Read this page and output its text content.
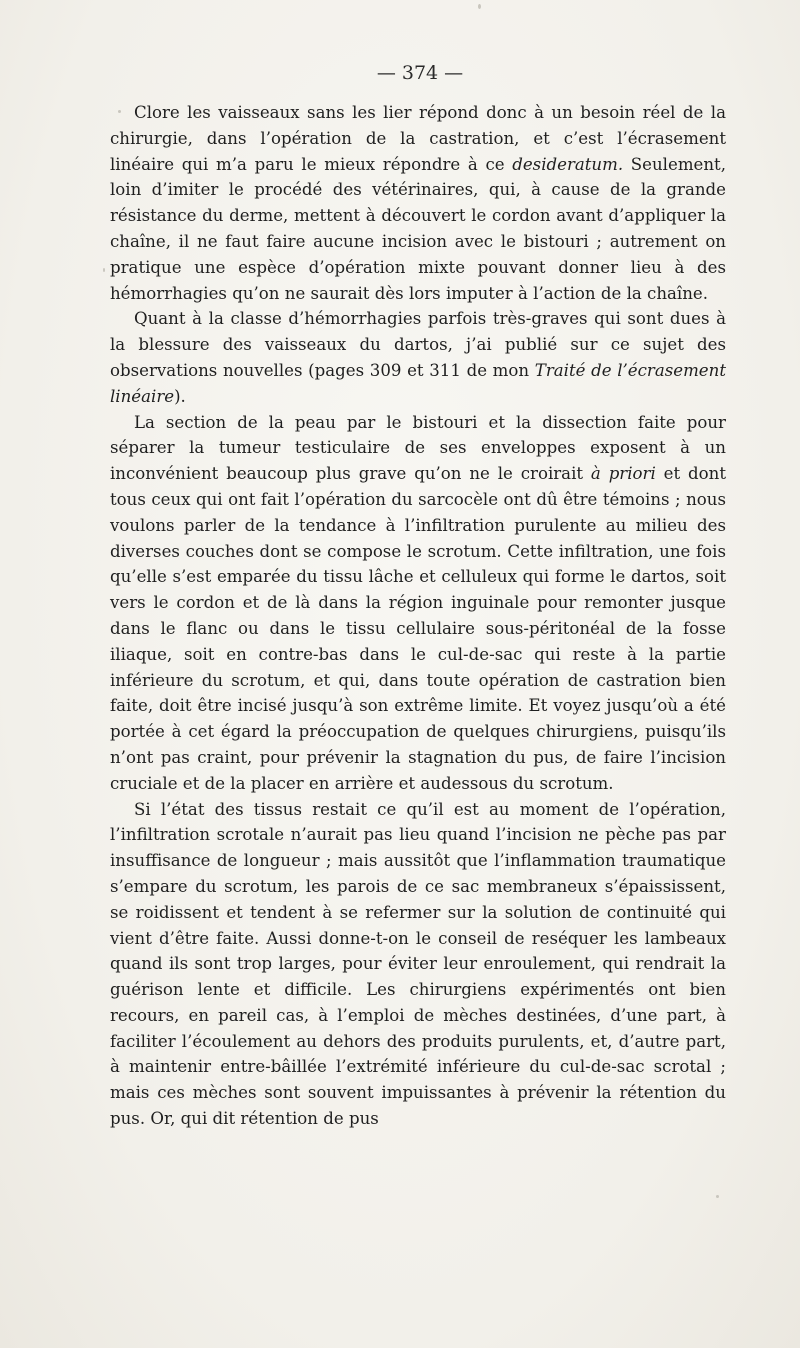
— 374 —

Clore les vaisseaux sans les lier répond donc à un besoin réel de la chirurgie, dans l’opération de la castration, et c’est l’écrasement linéaire qui m’a paru le mieux répondre à ce desideratum. Seulement, loin d’imiter le procédé des vétérinaires, qui, à cause de la grande résistance du derme, mettent à découvert le cordon avant d’appliquer la chaîne, il ne faut faire aucune incision avec le bistouri ; autrement on pratique une espèce d’opération mixte pouvant donner lieu à des hémorrhagies qu’on ne saurait dès lors imputer à l’action de la chaîne.

Quant à la classe d’hémorrhagies parfois très-graves qui sont dues à la blessure des vaisseaux du dartos, j’ai publié sur ce sujet des observations nouvelles (pages 309 et 311 de mon Traité de l’écrasement linéaire).

La section de la peau par le bistouri et la dissection faite pour séparer la tumeur testiculaire de ses enveloppes exposent à un inconvénient beaucoup plus grave qu’on ne le croirait à priori et dont tous ceux qui ont fait l’opération du sarcocèle ont dû être témoins ; nous voulons parler de la tendance à l’infiltration purulente au milieu des diverses couches dont se compose le scrotum. Cette infiltration, une fois qu’elle s’est emparée du tissu lâche et celluleux qui forme le dartos, soit vers le cordon et de là dans la région inguinale pour remonter jusque dans le flanc ou dans le tissu cellulaire sous-péritonéal de la fosse iliaque, soit en contre-bas dans le cul-de-sac qui reste à la partie inférieure du scrotum, et qui, dans toute opération de castration bien faite, doit être incisé jusqu’à son extrême limite. Et voyez jusqu’où a été portée à cet égard la préoccupation de quelques chirurgiens, puisqu’ils n’ont pas craint, pour prévenir la stagnation du pus, de faire l’incision cruciale et de la placer en arrière et audessous du scrotum.

Si l’état des tissus restait ce qu’il est au moment de l’opération, l’infiltration scrotale n’aurait pas lieu quand l’incision ne pèche pas par insuffisance de longueur ; mais aussitôt que l’inflammation traumatique s’empare du scrotum, les parois de ce sac membraneux s’épaississent, se roidissent et tendent à se refermer sur la solution de continuité qui vient d’être faite. Aussi donne-t-on le conseil de reséquer les lambeaux quand ils sont trop larges, pour éviter leur enroulement, qui rendrait la guérison lente et difficile. Les chirurgiens expérimentés ont bien recours, en pareil cas, à l’emploi de mèches destinées, d’une part, à faciliter l’écoulement au dehors des produits purulents, et, d’autre part, à maintenir entre-bâillée l’extrémité inférieure du cul-de-sac scrotal ; mais ces mèches sont souvent impuissantes à prévenir la rétention du pus. Or, qui dit rétention de pus
